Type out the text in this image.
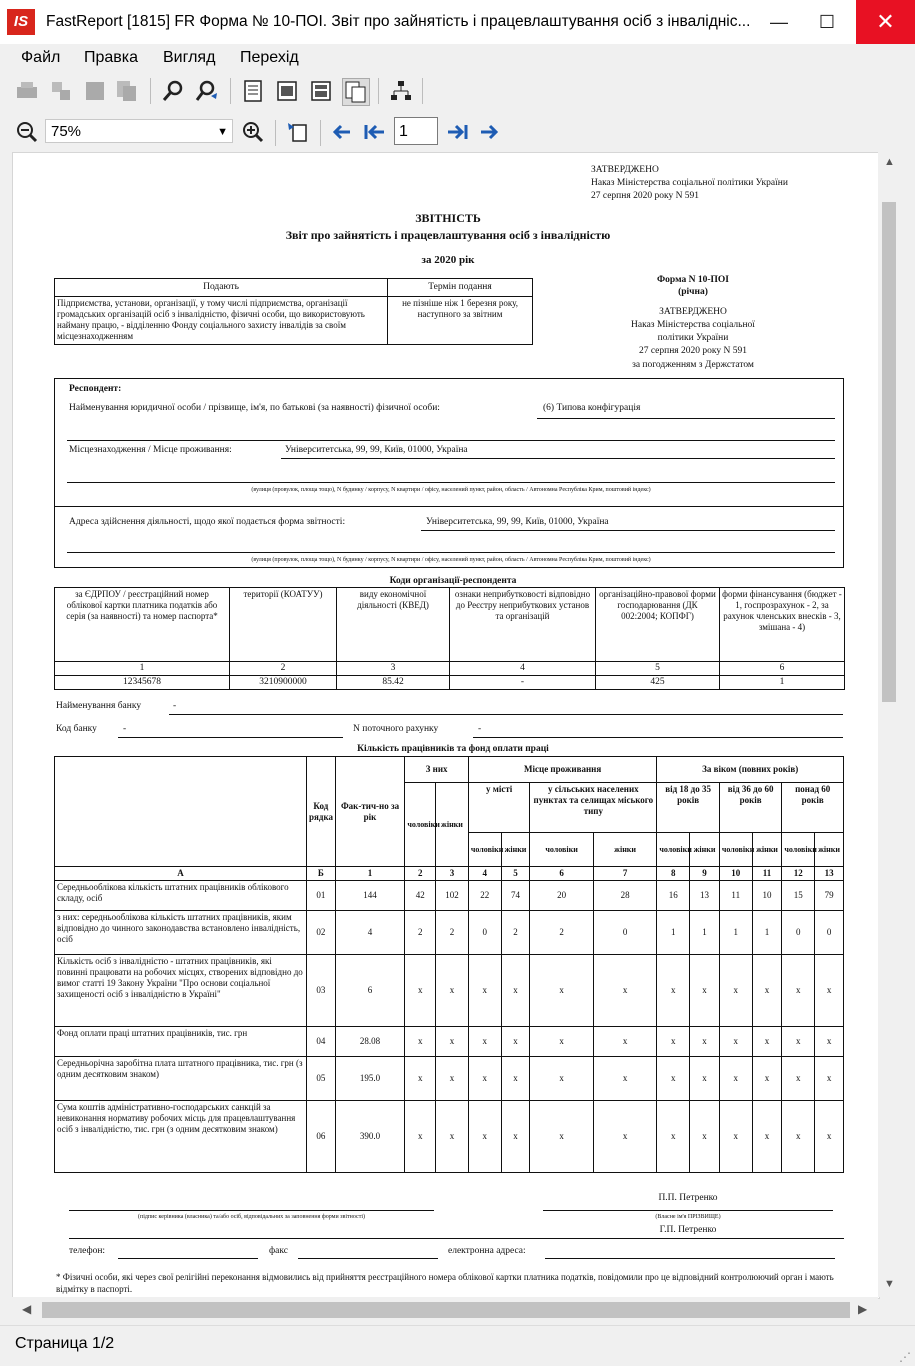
IS	FastReport [1815] FR Форма № 10-ПОІ. Звіт про зайнятість і працевлаштування осіб з інвалідніс...	—	☐	✕
Файл Правка Вигляд Перехід
75%	▼	1
ЗАТВЕРДЖЕНО
Наказ Міністерства соціальної політики України
27 серпня 2020 року N 591
ЗВІТНІСТЬ
Звіт про зайнятість і працевлаштування осіб з інвалідністю
за 2020 рік
Подають	Термін подання
Підприємства, установи, організації, у тому числі підприємства, організації громадських організацій осіб з інвалідністю, фізичні особи, що використовують найману працю, - відділенню Фонду соціального захисту інвалідів за своїм місцезнаходженням	не пізніше ніж 1 березня року, наступного за звітним
Форма N 10-ПОІ
(річна)
ЗАТВЕРДЖЕНО
Наказ Міністерства соціальної
політики України
27 серпня 2020 року N 591
за погодженням з Держстатом
Респондент:
Найменування юридичної особи / прізвище, ім'я, по батькові (за наявності) фізичної особи:	(6) Типова конфігурація
Місцезнаходження / Місце проживання:	Університетська, 99, 99, Київ, 01000, Україна
(вулиця (провулок, площа тощо), N будинку / корпусу, N квартири / офісу, населений пункт, район, область / Автономна Республіка Крим, поштовий індекс)
Адреса здійснення діяльності, щодо якої подається форма звітності:	Університетська, 99, 99, Київ, 01000, Україна
(вулиця (провулок, площа тощо), N будинку / корпусу, N квартири / офісу, населений пункт, район, область / Автономна Республіка Крим, поштовий індекс)
Коди організації-респондента
за ЄДРПОУ / реєстраційний номер облікової картки платника податків або серія (за наявності) та номер паспорта*	території (КОАТУУ)	виду економічної діяльності (КВЕД)	ознаки неприбутковості відповідно до Реєстру неприбуткових установ та організацій	організаційно-правової форми господарювання (ДК 002:2004; КОПФГ)	форми фінансування (бюджет - 1, госпрозрахунок - 2, за рахунок членських внесків - 3, змішана - 4)
1	2	3	4	5	6
12345678	3210900000	85.42	-	425	1
Найменування банку	-
Код банку	-	N поточного рахунку	-
Кількість працівників та фонд оплати праці
	Код рядка	Фак-тич-но за рік	З них		Місце проживання				За віком (повних років)					
			чоловіки	жінки	у місті		у сільських населених пунктах та селищах міського типу		від 18 до 35 років		від 36 до 60 років		понад 60 років	
					чоловіки	жінки	чоловіки	жінки	чоловіки	жінки	чоловіки	жінки	чоловіки	жінки
А	Б	1	2	3	4	5	6	7	8	9	10	11	12	13
Середньооблікова кількість штатних працівників облікового складу, осіб	01	144	42	102	22	74	20	28	16	13	11	10	15	79
з них: середньооблікова кількість штатних працівників, яким відповідно до чинного законодавства встановлено інвалідність, осіб	02	4	2	2	0	2	2	0	1	1	1	1	0	0
Кількість осіб з інвалідністю - штатних працівників, які повинні працювати на робочих місцях, створених відповідно до вимог статті 19 Закону України "Про основи соціальної захищеності осіб з інвалідністю в Україні"	03	6	x	x	x	x	x	x	x	x	x	x	x	x
Фонд оплати праці штатних працівників, тис. грн	04	28.08	x	x	x	x	x	x	x	x	x	x	x	x
Середньорічна заробітна плата штатного працівника, тис. грн (з одним десятковим знаком)	05	195.0	x	x	x	x	x	x	x	x	x	x	x	x
Сума коштів адміністративно-господарських санкцій за невиконання нормативу робочих місць для працевлаштування осіб з інвалідністю, тис. грн (з одним десятковим знаком)	06	390.0	x	x	x	x	x	x	x	x	x	x	x	x
П.П. Петренко
(підпис керівника (власника) та/або осіб, відповідальних за заповнення форми звітності)	(Власне ім'я ПРІЗВИЩЕ)
Г.П. Петренко
телефон:	факс	електронна адреса:
* Фізичні особи, які через свої релігійні переконання відмовились від прийняття реєстраційного номера облікової картки платника податків, повідомили про це відповідний контролюючий орган і мають відмітку в паспорті.
▲
▼
◀	▶
Страница 1/2
⋰
